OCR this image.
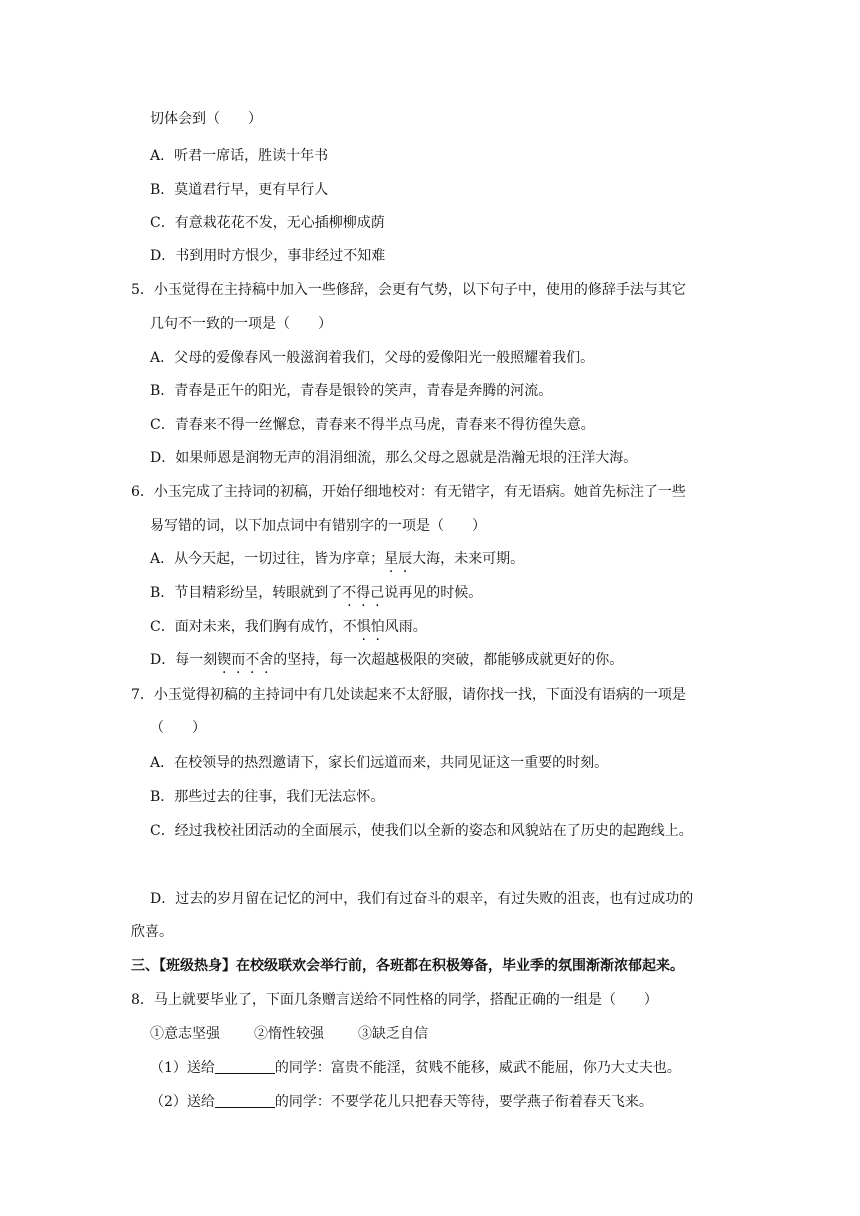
切体会到（　　）
A．听君一席话，胜读十年书
B．莫道君行早，更有早行人
C．有意栽花花不发，无心插柳柳成荫
D．书到用时方恨少，事非经过不知难
5．小玉觉得在主持稿中加入一些修辞，会更有气势，以下句子中，使用的修辞手法与其它
几句不一致的一项是（　　）
A．父母的爱像春风一般滋润着我们，父母的爱像阳光一般照耀着我们。
B．青春是正午的阳光，青春是银铃的笑声，青春是奔腾的河流。
C．青春来不得一丝懈怠，青春来不得半点马虎，青春来不得彷徨失意。
D．如果师恩是润物无声的涓涓细流，那么父母之恩就是浩瀚无垠的汪洋大海。
6．小玉完成了主持词的初稿，开始仔细地校对：有无错字，有无语病。她首先标注了一些
易写错的词，以下加点词中有错别字的一项是（　　）
A．从今天起，一切过往，皆为序章；星辰大海，未来可期。
B．节目精彩纷呈，转眼就到了不得己说再见的时候。
C．面对未来，我们胸有成竹，不惧怕风雨。
D．每一刻锲而不舍的坚持，每一次超越极限的突破，都能够成就更好的你。
7．小玉觉得初稿的主持词中有几处读起来不太舒服，请你找一找，下面没有语病的一项是
（　　）
A．在校领导的热烈邀请下，家长们远道而来，共同见证这一重要的时刻。
B．那些过去的往事，我们无法忘怀。
C．经过我校社团活动的全面展示，使我们以全新的姿态和风貌站在了历史的起跑线上。
D．过去的岁月留在记忆的河中，我们有过奋斗的艰辛，有过失败的沮丧，也有过成功的
欣喜。
三、【班级热身】在校级联欢会举行前，各班都在积极筹备，毕业季的氛围渐渐浓郁起来。
8．马上就要毕业了，下面几条赠言送给不同性格的同学，搭配正确的一组是（　　）
①意志坚强 ②惰性较强 ③缺乏自信
（1）送给	的同学：富贵不能淫，贫贱不能移，威武不能屈，你乃大丈夫也。
（2）送给	的同学：不要学花儿只把春天等待，要学燕子衔着春天飞来。
